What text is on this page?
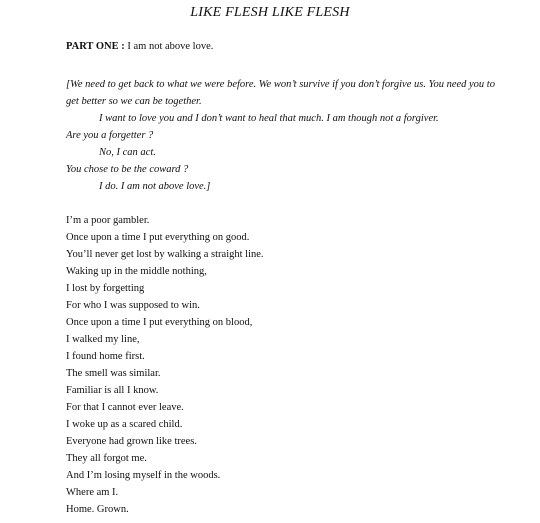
LIKE FLESH LIKE FLESH
PART ONE : I am not above love.
[We need to get back to what we were before. We won’t survive if you don’t forgive us. You need you to
get better so we can be together.
I want to love you and I don’t want to heal that much. I am though not a forgiver.
Are you a forgetter ?
No, I can act.
You chose to be the coward ?
I do. I am not above love.]
I’m a poor gambler.
Once upon a time I put everything on good.
You’ll never get lost by walking a straight line.
Waking up in the middle nothing,
I lost by forgetting
For who I was supposed to win.
Once upon a time I put everything on blood,
I walked my line,
I found home first.
The smell was similar.
Familiar is all I know.
For that I cannot ever leave.
I woke up as a scared child.
Everyone had grown like trees.
They all forgot me.
And I’m losing myself in the woods.
Where am I.
Home. Grown.
